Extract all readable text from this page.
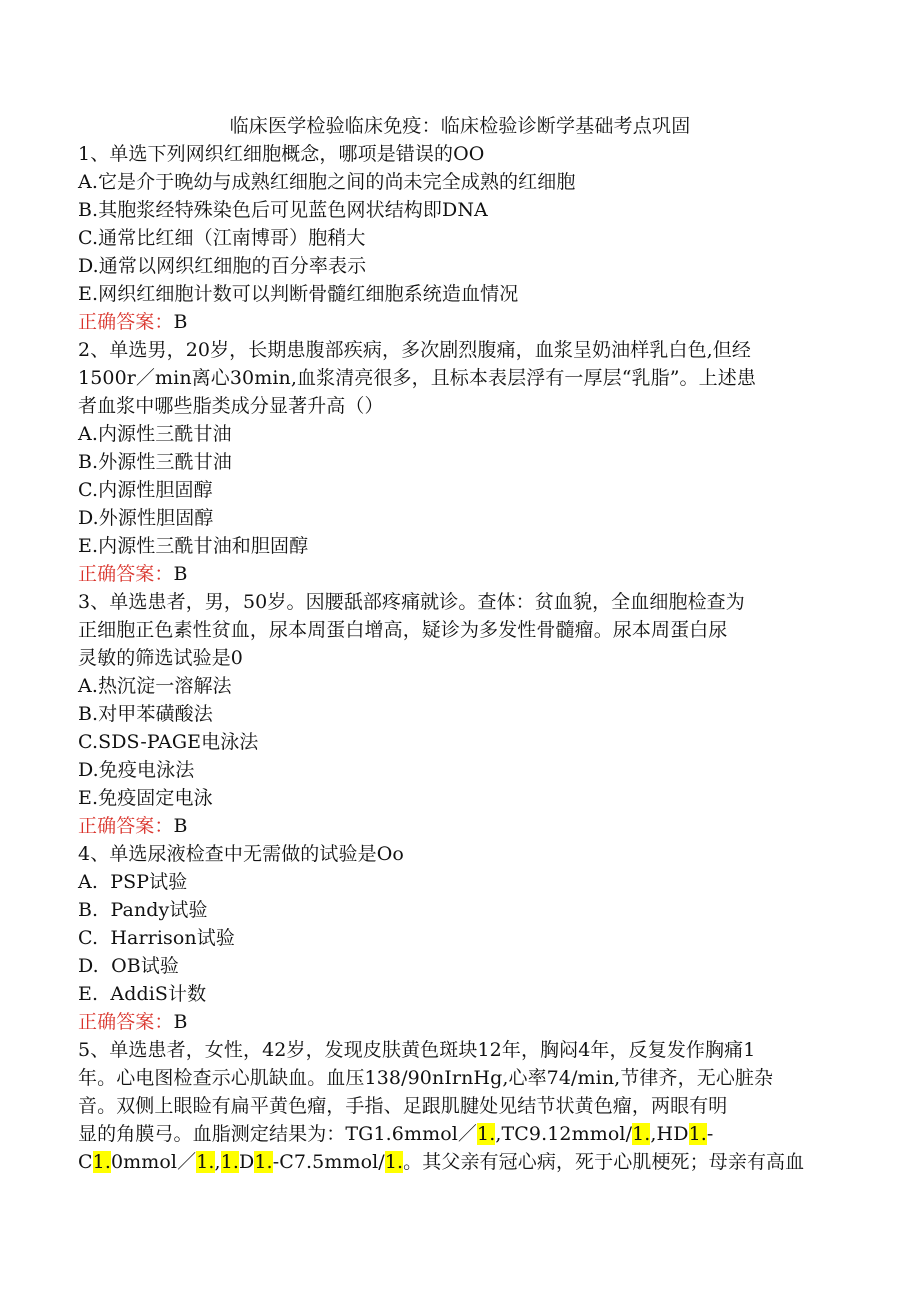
临床医学检验临床免疫：临床检验诊断学基础考点巩固
1、单选下列网织红细胞概念，哪项是错误的OO
A.它是介于晚幼与成熟红细胞之间的尚未完全成熟的红细胞
B.其胞浆经特殊染色后可见蓝色网状结构即DNA
C.通常比红细（江南博哥）胞稍大
D.通常以网织红细胞的百分率表示
E.网织红细胞计数可以判断骨髓红细胞系统造血情况
正确答案：B
2、单选男，20岁，长期患腹部疾病，多次剧烈腹痛，血浆呈奶油样乳白色,但经
1500r／min离心30min,血浆清亮很多，且标本表层浮有一厚层“乳脂”。上述患
者血浆中哪些脂类成分显著升高（）
A.内源性三酰甘油
B.外源性三酰甘油
C.内源性胆固醇
D.外源性胆固醇
E.内源性三酰甘油和胆固醇
正确答案：B
3、单选患者，男，50岁。因腰舐部疼痛就诊。查体：贫血貌，全血细胞检查为
正细胞正色素性贫血，尿本周蛋白增高，疑诊为多发性骨髓瘤。尿本周蛋白尿
灵敏的筛选试验是0
A.热沉淀一溶解法
B.对甲苯磺酸法
C.SDS-PAGE电泳法
D.免疫电泳法
E.免疫固定电泳
正确答案：B
4、单选尿液检查中无需做的试验是Oo
A.  PSP试验
B.  Pandy试验
C.  Harrison试验
D.  OB试验
E.  AddiS计数
正确答案：B
5、单选患者，女性，42岁，发现皮肤黄色斑块12年，胸闷4年，反复发作胸痛1
年。心电图检查示心肌缺血。血压138/90nIrnHg,心率74/min,节律齐，无心脏杂
音。双侧上眼睑有扁平黄色瘤，手指、足跟肌腱处见结节状黄色瘤，两眼有明
显的角膜弓。血脂测定结果为：TG1.6mmol／1.,TC9.12mmol/1.,HD1.-
C1.0mmol／1.,1.D1.-C7.5mmol/1.。其父亲有冠心病，死于心肌梗死；母亲有高血
